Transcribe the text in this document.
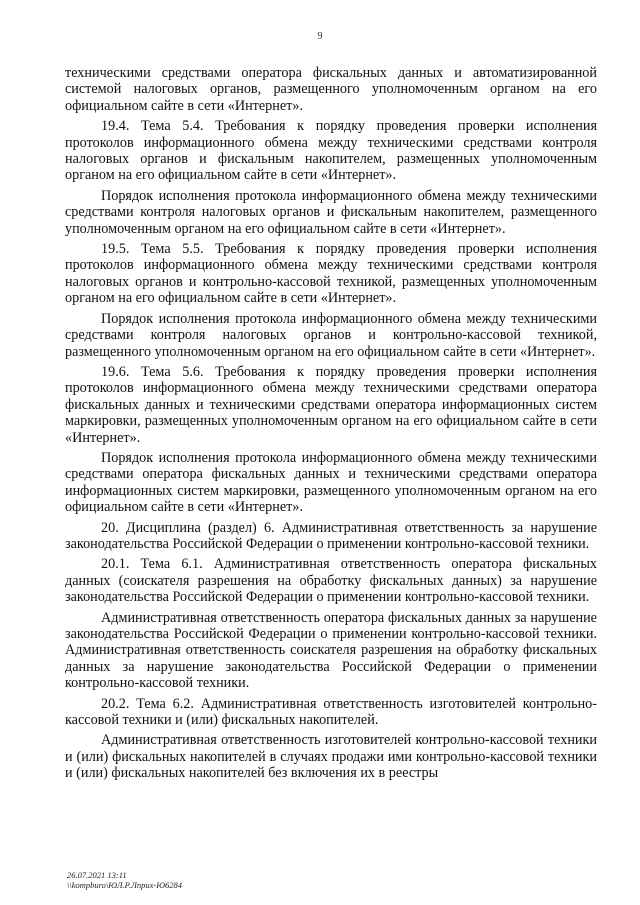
9

техническими средствами оператора фискальных данных и автоматизированной системой налоговых органов, размещенного уполномоченным органом на его официальном сайте в сети «Интернет».

19.4. Тема 5.4. Требования к порядку проведения проверки исполнения протоколов информационного обмена между техническими средствами контроля налоговых органов и фискальным накопителем, размещенных уполномоченным органом на его официальном сайте в сети «Интернет».

Порядок исполнения протокола информационного обмена между техническими средствами контроля налоговых органов и фискальным накопителем, размещенного уполномоченным органом на его официальном сайте в сети «Интернет».

19.5. Тема 5.5. Требования к порядку проведения проверки исполнения протоколов информационного обмена между техническими средствами контроля налоговых органов и контрольно-кассовой техникой, размещенных уполномоченным органом на его официальном сайте в сети «Интернет».

Порядок исполнения протокола информационного обмена между техническими средствами контроля налоговых органов и контрольно-кассовой техникой, размещенного уполномоченным органом на его официальном сайте в сети «Интернет».

19.6. Тема 5.6. Требования к порядку проведения проверки исполнения протоколов информационного обмена между техническими средствами оператора фискальных данных и техническими средствами оператора информационных систем маркировки, размещенных уполномоченным органом на его официальном сайте в сети «Интернет».

Порядок исполнения протокола информационного обмена между техническими средствами оператора фискальных данных и техническими средствами оператора информационных систем маркировки, размещенного уполномоченным органом на его официальном сайте в сети «Интернет».

20. Дисциплина (раздел) 6. Административная ответственность за нарушение законодательства Российской Федерации о применении контрольно-кассовой техники.

20.1. Тема 6.1. Административная ответственность оператора фискальных данных (соискателя разрешения на обработку фискальных данных) за нарушение законодательства Российской Федерации о применении контрольно-кассовой техники.

Административная ответственность оператора фискальных данных за нарушение законодательства Российской Федерации о применении контрольно-кассовой техники. Административная ответственность соискателя разрешения на обработку фискальных данных за нарушение законодательства Российской Федерации о применении контрольно-кассовой техники.

20.2. Тема 6.2. Административная ответственность изготовителей контрольно-кассовой техники и (или) фискальных накопителей.

Административная ответственность изготовителей контрольно-кассовой техники и (или) фискальных накопителей в случаях продажи ими контрольно-кассовой техники и (или) фискальных накопителей без включения их в реестры

26.07.2021 13:11
\\kompburo\ЮЛ.Р.Лприх-Ю6284
